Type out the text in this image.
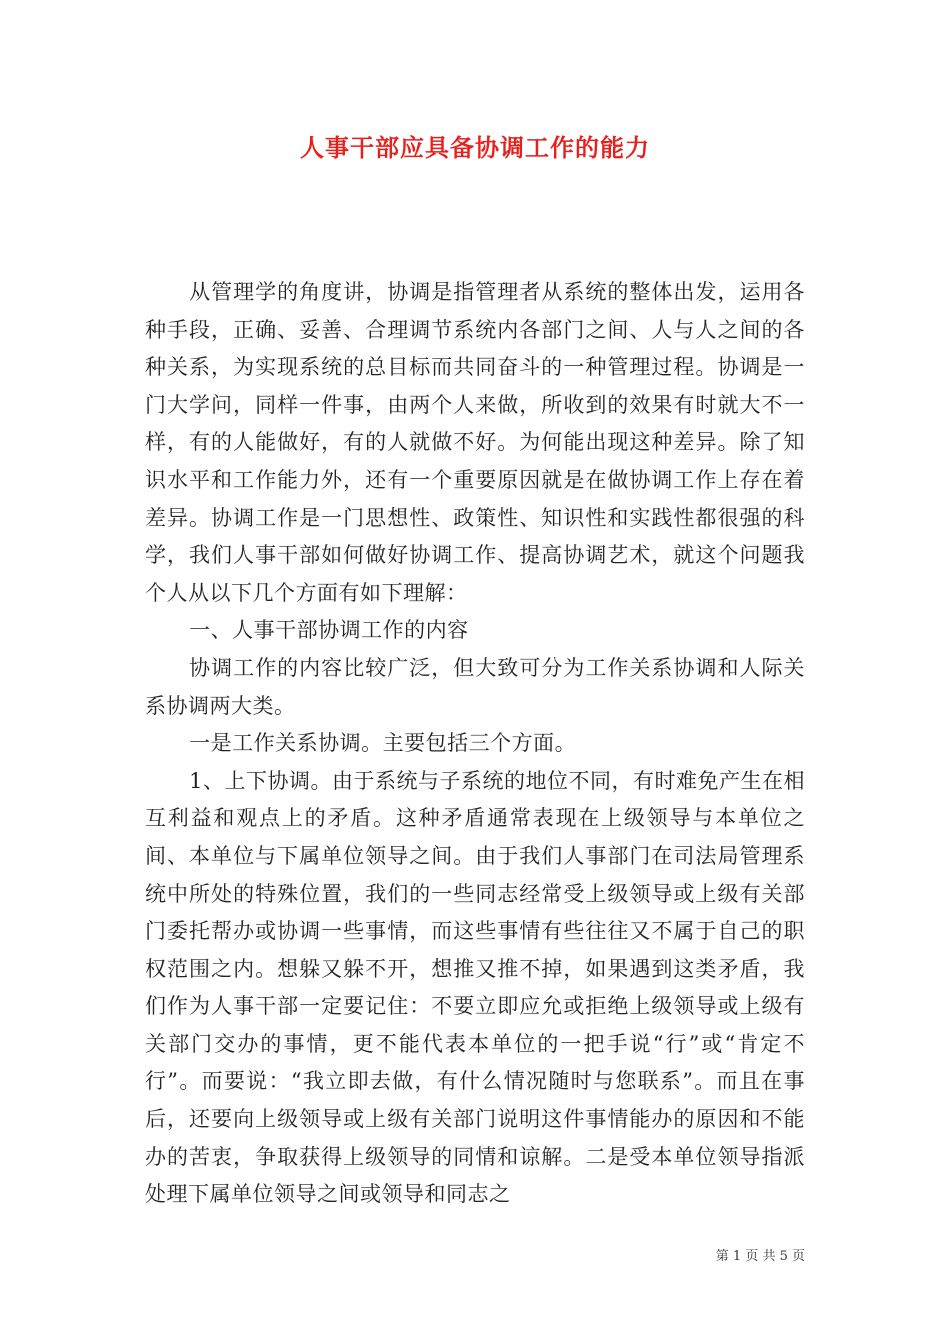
人事干部应具备协调工作的能力

从管理学的角度讲，协调是指管理者从系统的整体出发，运用各种手段，正确、妥善、合理调节系统内各部门之间、人与人之间的各种关系，为实现系统的总目标而共同奋斗的一种管理过程。协调是一门大学问，同样一件事，由两个人来做，所收到的效果有时就大不一样，有的人能做好，有的人就做不好。为何能出现这种差异。除了知识水平和工作能力外，还有一个重要原因就是在做协调工作上存在着差异。协调工作是一门思想性、政策性、知识性和实践性都很强的科学，我们人事干部如何做好协调工作、提高协调艺术，就这个问题我个人从以下几个方面有如下理解：

一、人事干部协调工作的内容

协调工作的内容比较广泛，但大致可分为工作关系协调和人际关系协调两大类。

一是工作关系协调。主要包括三个方面。

1、上下协调。由于系统与子系统的地位不同，有时难免产生在相互利益和观点上的矛盾。这种矛盾通常表现在上级领导与本单位之间、本单位与下属单位领导之间。由于我们人事部门在司法局管理系统中所处的特殊位置，我们的一些同志经常受上级领导或上级有关部门委托帮办或协调一些事情，而这些事情有些往往又不属于自己的职权范围之内。想躲又躲不开，想推又推不掉，如果遇到这类矛盾，我们作为人事干部一定要记住：不要立即应允或拒绝上级领导或上级有关部门交办的事情，更不能代表本单位的一把手说“行”或“肯定不行”。而要说：“我立即去做，有什么情况随时与您联系”。而且在事后，还要向上级领导或上级有关部门说明这件事情能办的原因和不能办的苦衷，争取获得上级领导的同情和谅解。二是受本单位领导指派处理下属单位领导之间或领导和同志之

第 1 页 共 5 页
